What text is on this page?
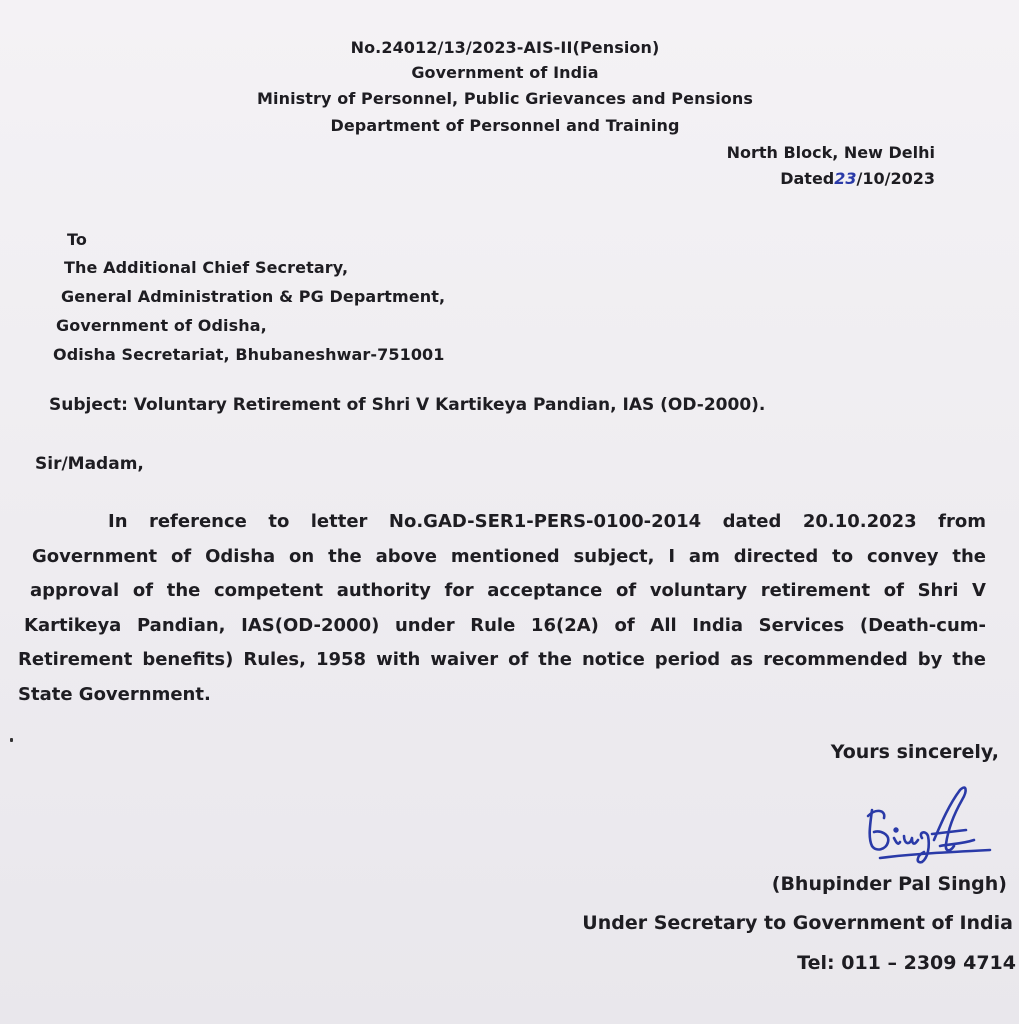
No.24012/13/2023-AIS-II(Pension)
Government of India
Ministry of Personnel, Public Grievances and Pensions
Department of Personnel and Training
North Block, New Delhi
Dated23/10/2023
To
The Additional Chief Secretary,
General Administration & PG Department,
Government of Odisha,
Odisha Secretariat, Bhubaneshwar-751001
Subject: Voluntary Retirement of Shri V Kartikeya Pandian, IAS (OD-2000).
Sir/Madam,
In reference to letter No.GAD-SER1-PERS-0100-2014 dated 20.10.2023 from
Government of Odisha on the above mentioned subject, I am directed to convey the
approval of the competent authority for acceptance of voluntary retirement of Shri V
Kartikeya Pandian, IAS(OD-2000) under Rule 16(2A) of All India Services (Death-cum-
Retirement benefits) Rules, 1958 with waiver of the notice period as recommended by the
State Government.
Yours sincerely,
(Bhupinder Pal Singh)
Under Secretary to Government of India
Tel: 011 – 2309 4714
